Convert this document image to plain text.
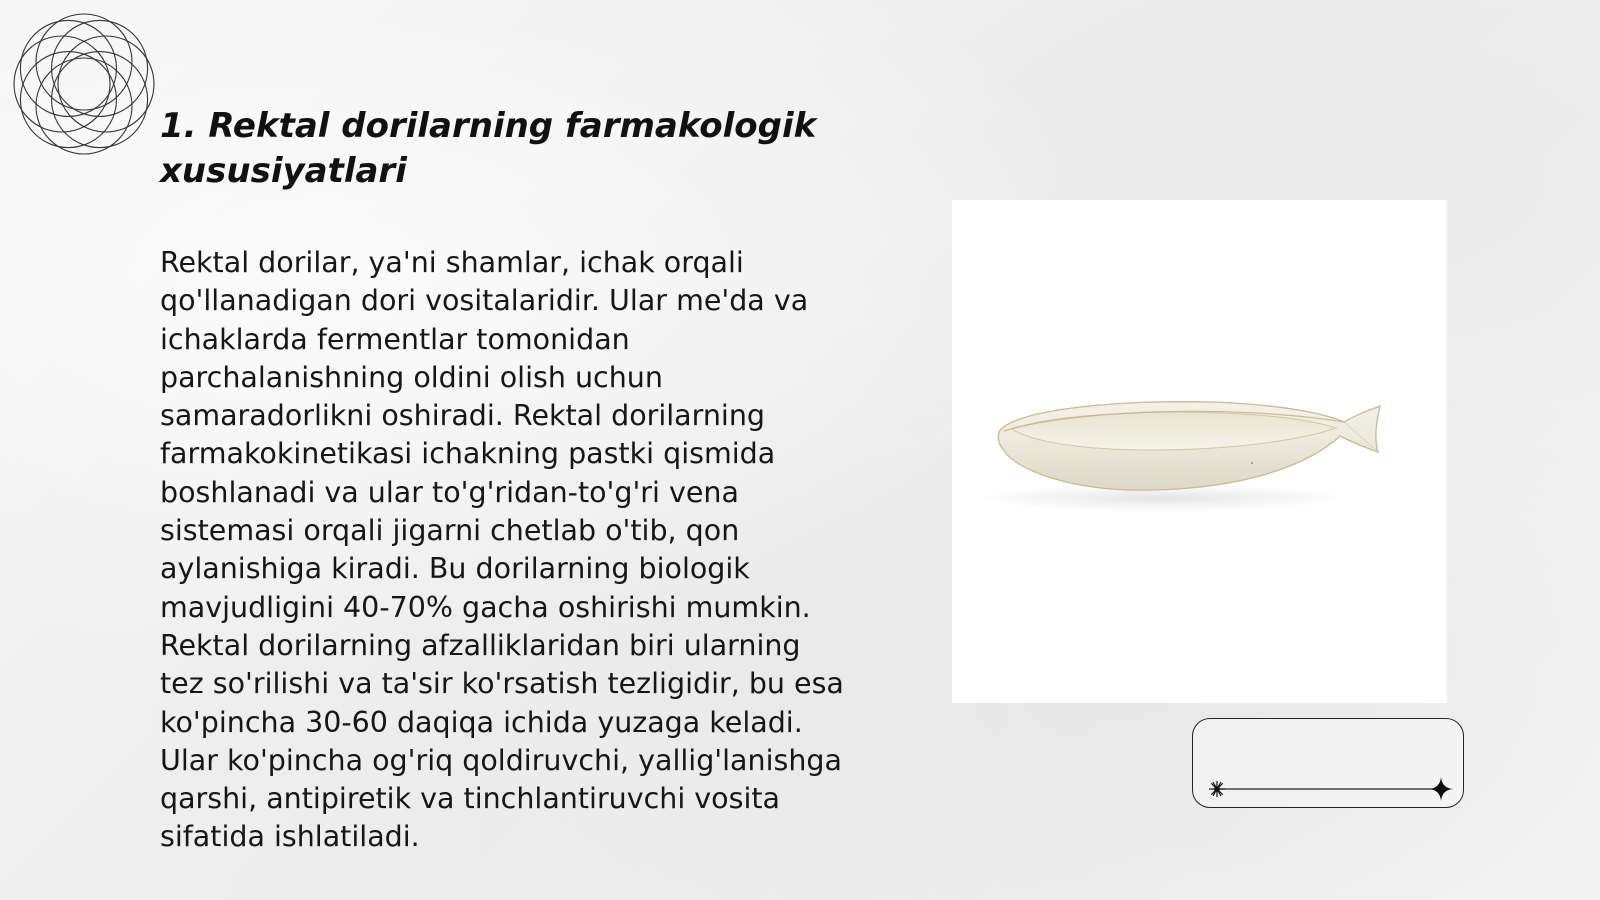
1. Rektal dorilarning farmakologik xususiyatlari

Rektal dorilar, ya'ni shamlar, ichak orqali qo'llanadigan dori vositalaridir. Ular me'da va ichaklarda fermentlar tomonidan parchalanishning oldini olish uchun samaradorlikni oshiradi. Rektal dorilarning farmakokinetikasi ichakning pastki qismida boshlanadi va ular to'g'ridan-to'g'ri vena sistemasi orqali jigarni chetlab o'tib, qon aylanishiga kiradi. Bu dorilarning biologik mavjudligini 40-70% gacha oshirishi mumkin. Rektal dorilarning afzalliklaridan biri ularning tez so'rilishi va ta'sir ko'rsatish tezligidir, bu esa ko'pincha 30-60 daqiqa ichida yuzaga keladi. Ular ko'pincha og'riq qoldiruvchi, yallig'lanishga qarshi, antipiretik va tinchlantiruvchi vosita sifatida ishlatiladi.
